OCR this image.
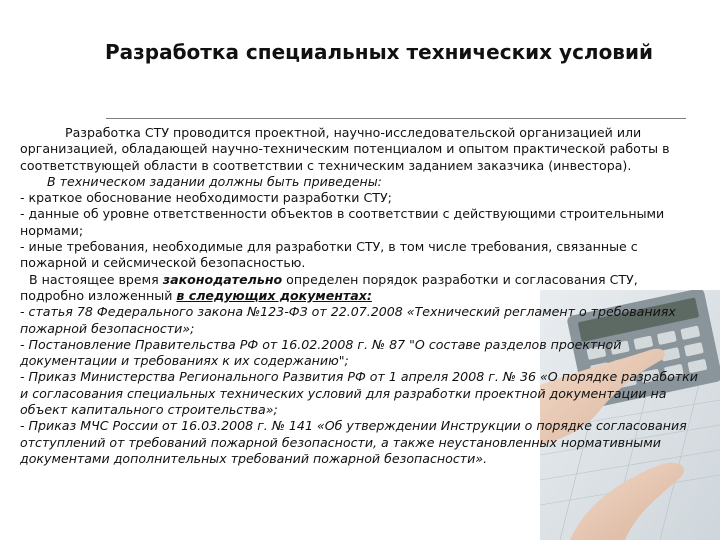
Разработка специальных технических условий

Разработка СТУ проводится проектной, научно-исследовательской организацией или организацией, обладающей научно-техническим потенциалом и опытом практической работы в соответствующей области в соответствии с техническим заданием заказчика (инвестора).

В техническом задании должны быть приведены:

- краткое обоснование необходимости разработки СТУ;

- данные об уровне ответственности объектов в соответствии с действующими строительными нормами;

- иные требования, необходимые для разработки СТУ, в том числе требования, связанные с пожарной и сейсмической безопасностью.

В настоящее время законодательно определен порядок разработки и согласования СТУ, подробно изложенный в следующих документах:

- статья 78 Федерального закона №123-ФЗ от 22.07.2008 «Технический регламент о требованиях пожарной безопасности»;

- Постановление Правительства РФ от 16.02.2008 г. № 87 "О составе разделов проектной документации и требованиях к их содержанию";

- Приказ Министерства Регионального Развития РФ от 1 апреля 2008 г. № 36 «О порядке разработки и согласования специальных технических условий для разработки проектной документации на объект капитального строительства»;

- Приказ МЧС России от 16.03.2008 г. № 141 «Об утверждении Инструкции о порядке согласования отступлений от требований пожарной безопасности, а также неустановленных нормативными документами дополнительных требований пожарной безопасности».
